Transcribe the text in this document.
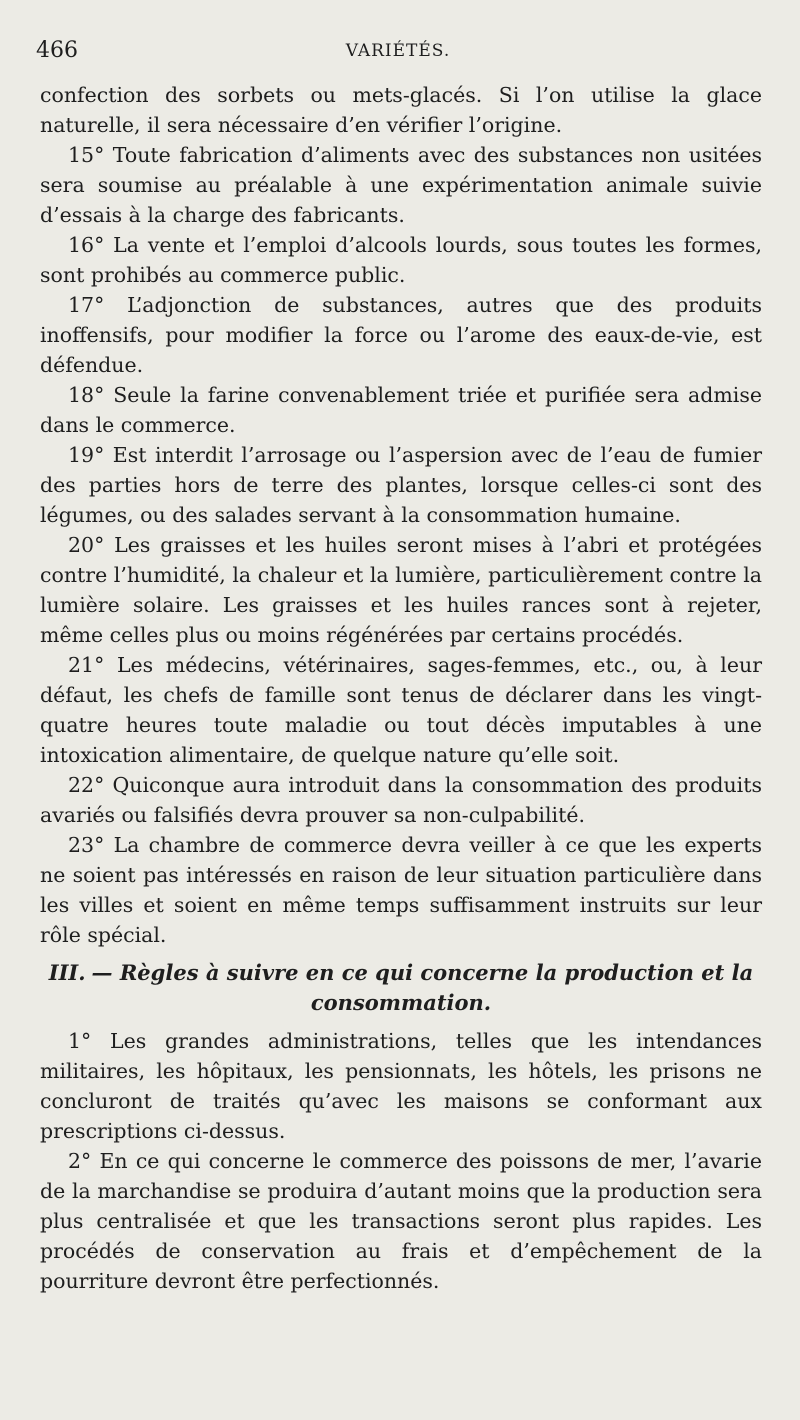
466	VARIÉTÉS.

confection des sorbets ou mets-glacés. Si l’on utilise la glace naturelle, il sera nécessaire d’en vérifier l’origine.

15° Toute fabrication d’aliments avec des substances non usitées sera soumise au préalable à une expérimentation animale suivie d’essais à la charge des fabricants.

16° La vente et l’emploi d’alcools lourds, sous toutes les formes, sont prohibés au commerce public.

17° L’adjonction de substances, autres que des produits inoffensifs, pour modifier la force ou l’arome des eaux-de-vie, est défendue.

18° Seule la farine convenablement triée et purifiée sera admise dans le commerce.

19° Est interdit l’arrosage ou l’aspersion avec de l’eau de fumier des parties hors de terre des plantes, lorsque celles-ci sont des légumes, ou des salades servant à la consommation humaine.

20° Les graisses et les huiles seront mises à l’abri et protégées contre l’humidité, la chaleur et la lumière, particulièrement contre la lumière solaire. Les graisses et les huiles rances sont à rejeter, même celles plus ou moins régénérées par certains procédés.

21° Les médecins, vétérinaires, sages-femmes, etc., ou, à leur défaut, les chefs de famille sont tenus de déclarer dans les vingt-quatre heures toute maladie ou tout décès imputables à une intoxication alimentaire, de quelque nature qu’elle soit.

22° Quiconque aura introduit dans la consommation des produits avariés ou falsifiés devra prouver sa non-culpabilité.

23° La chambre de commerce devra veiller à ce que les experts ne soient pas intéressés en raison de leur situation particulière dans les villes et soient en même temps suffisamment instruits sur leur rôle spécial.

III. — Règles à suivre en ce qui concerne la production et la consommation.

1° Les grandes administrations, telles que les intendances militaires, les hôpitaux, les pensionnats, les hôtels, les prisons ne concluront de traités qu’avec les maisons se conformant aux prescriptions ci-dessus.

2° En ce qui concerne le commerce des poissons de mer, l’avarie de la marchandise se produira d’autant moins que la production sera plus centralisée et que les transactions seront plus rapides. Les procédés de conservation au frais et d’empêchement de la pourriture devront être perfectionnés.
